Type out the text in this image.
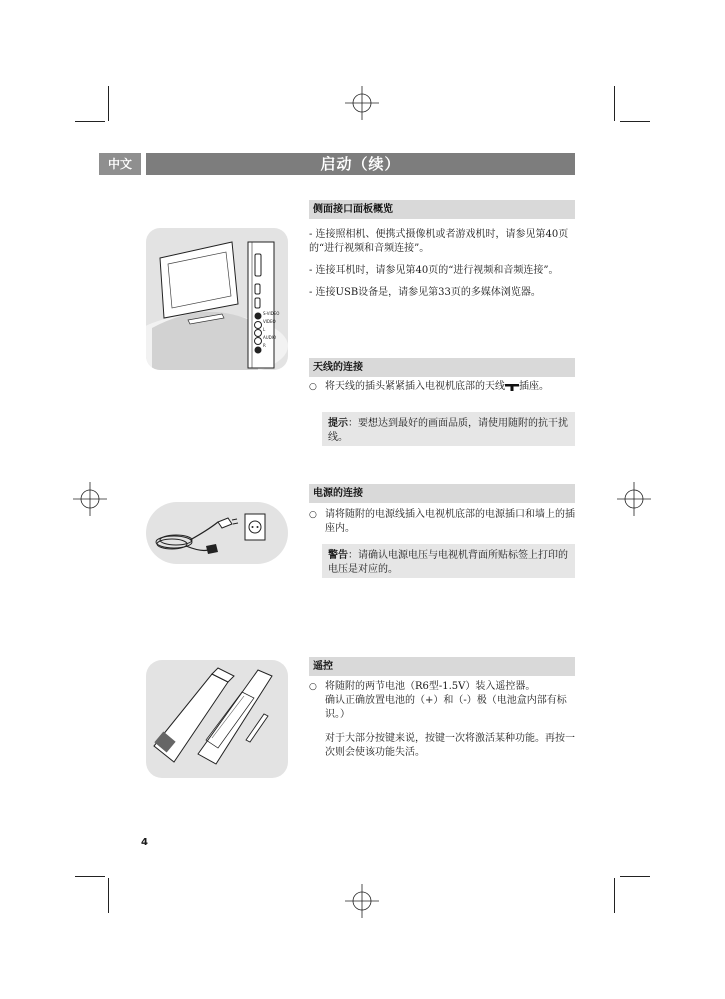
中文	启动（续）
S-VIDEO
VIDEO
L
AUDIO
R
侧面接口面板概览

- 连接照相机、便携式摄像机或者游戏机时，请参见第40页的“进行视频和音频连接”。

- 连接耳机时，请参见第40页的“进行视频和音频连接”。

- 连接USB设备是，请参见第33页的多媒体浏览器。

天线的连接
○ 将天线的插头紧紧插入电视机底部的天线 插座。
提示：要想达到最好的画面品质，请使用随附的抗干扰线。
电源的连接
○ 请将随附的电源线插入电视机底部的电源插口和墙上的插座内。
警告：请确认电源电压与电视机背面所贴标签上打印的电压是对应的。
遥控
○ 将随附的两节电池（R6型-1.5V）装入遥控器。
确认正确放置电池的（+）和（-）极（电池盒内部有标识。）
对于大部分按键来说，按键一次将激活某种功能。再按一次则会使该功能失活。
4
